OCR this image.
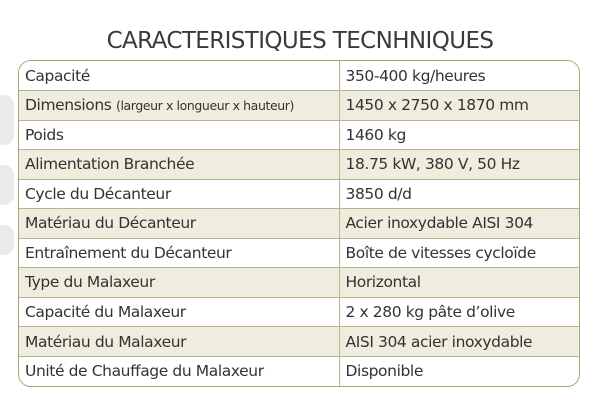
CARACTERISTIQUES TECNHNIQUES
Capacité	350-400 kg/heures
Dimensions (largeur x longueur x hauteur)	1450 x 2750 x 1870 mm
Poids	1460 kg
Alimentation Branchée	18.75 kW, 380 V, 50 Hz
Cycle du Décanteur	3850 d/d
Matériau du Décanteur	Acier inoxydable AISI 304
Entraînement du Décanteur	Boîte de vitesses cycloïde
Type du Malaxeur	Horizontal
Capacité du Malaxeur	2 x 280 kg pâte d’olive
Matériau du Malaxeur	AISI 304 acier inoxydable
Unité de Chauffage du Malaxeur	Disponible
